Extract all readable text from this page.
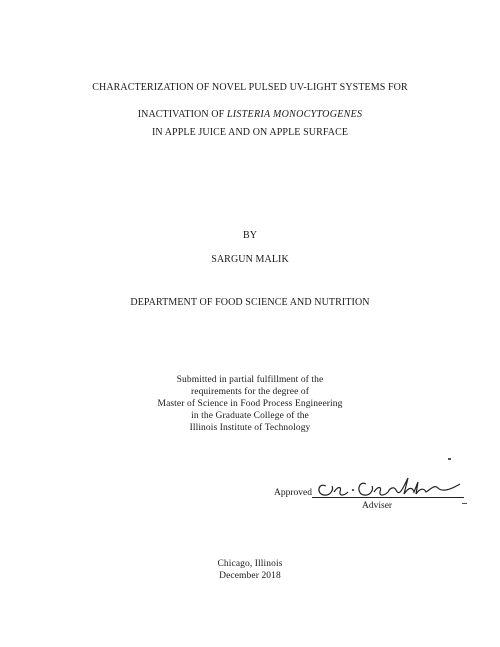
CHARACTERIZATION OF NOVEL PULSED UV-LIGHT SYSTEMS FOR
INACTIVATION OF LISTERIA MONOCYTOGENES
IN APPLE JUICE AND ON APPLE SURFACE
BY
SARGUN MALIK
DEPARTMENT OF FOOD SCIENCE AND NUTRITION
Submitted in partial fulfillment of the
requirements for the degree of
Master of Science in Food Process Engineering
in the Graduate College of the
Illinois Institute of Technology
Approved
Adviser
Chicago, Illinois
December 2018
